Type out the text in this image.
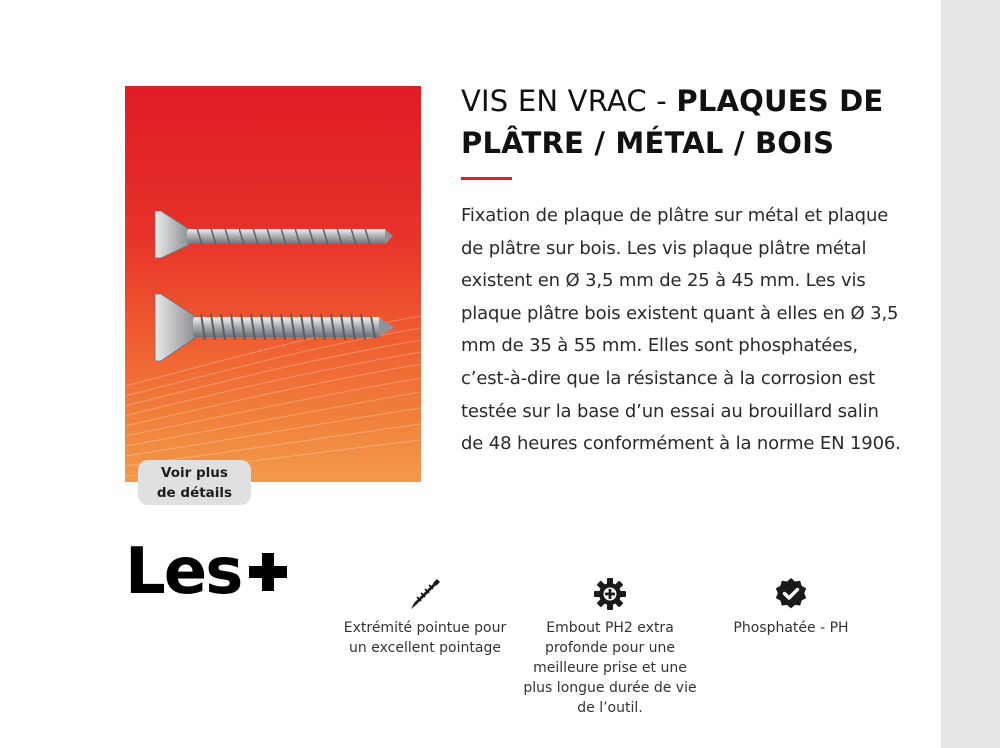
Voir plus
de détails
VIS EN VRAC - PLAQUES DE PLÂTRE / MÉTAL / BOIS

Fixation de plaque de plâtre sur métal et plaque de plâtre sur bois. Les vis plaque plâtre métal existent en Ø 3,5 mm de 25 à 45 mm. Les vis plaque plâtre bois existent quant à elles en Ø 3,5 mm de 35 à 55 mm. Elles sont phosphatées, c’est-à-dire que la résistance à la corrosion est testée sur la base d’un essai au brouillard salin de 48 heures conformément à la norme EN 1906.

Les
Extrémité pointue pour un excellent pointage
Embout PH2 extra profonde pour une meilleure prise et une plus longue durée de vie de l’outil.
Phosphatée - PH
